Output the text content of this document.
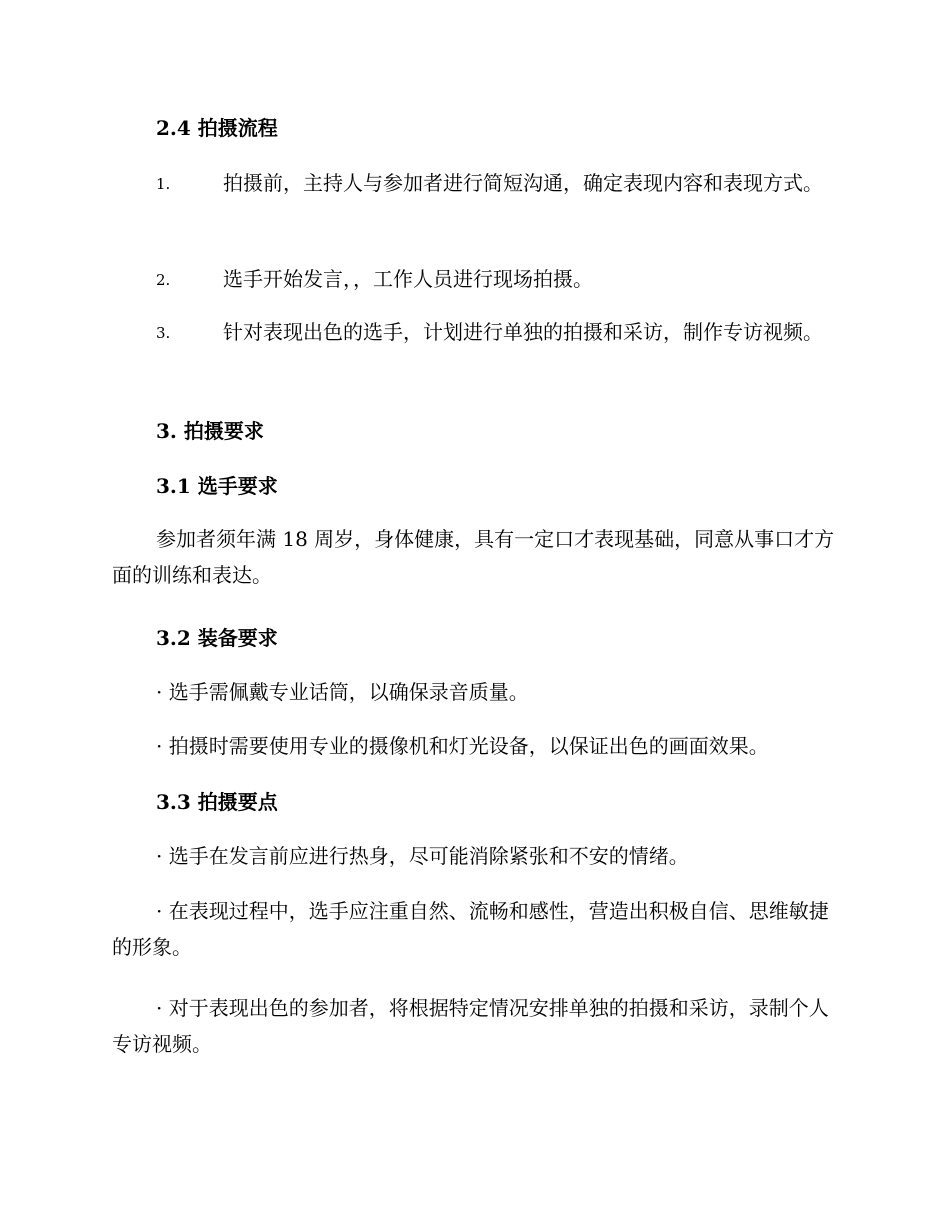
2.4 拍摄流程
1.	拍摄前，主持人与参加者进行简短沟通，确定表现内容和表现方式。
2.	选手开始发言，，工作人员进行现场拍摄。
3.	针对表现出色的选手，计划进行单独的拍摄和采访，制作专访视频。
3. 拍摄要求
3.1 选手要求
参加者须年满 18 周岁，身体健康，具有一定口才表现基础，同意从事口才方面的训练和表达。
3.2 装备要求
· 选手需佩戴专业话筒，以确保录音质量。
· 拍摄时需要使用专业的摄像机和灯光设备，以保证出色的画面效果。
3.3 拍摄要点
· 选手在发言前应进行热身，尽可能消除紧张和不安的情绪。
· 在表现过程中，选手应注重自然、流畅和感性，营造出积极自信、思维敏捷的形象。
· 对于表现出色的参加者，将根据特定情况安排单独的拍摄和采访，录制个人专访视频。
